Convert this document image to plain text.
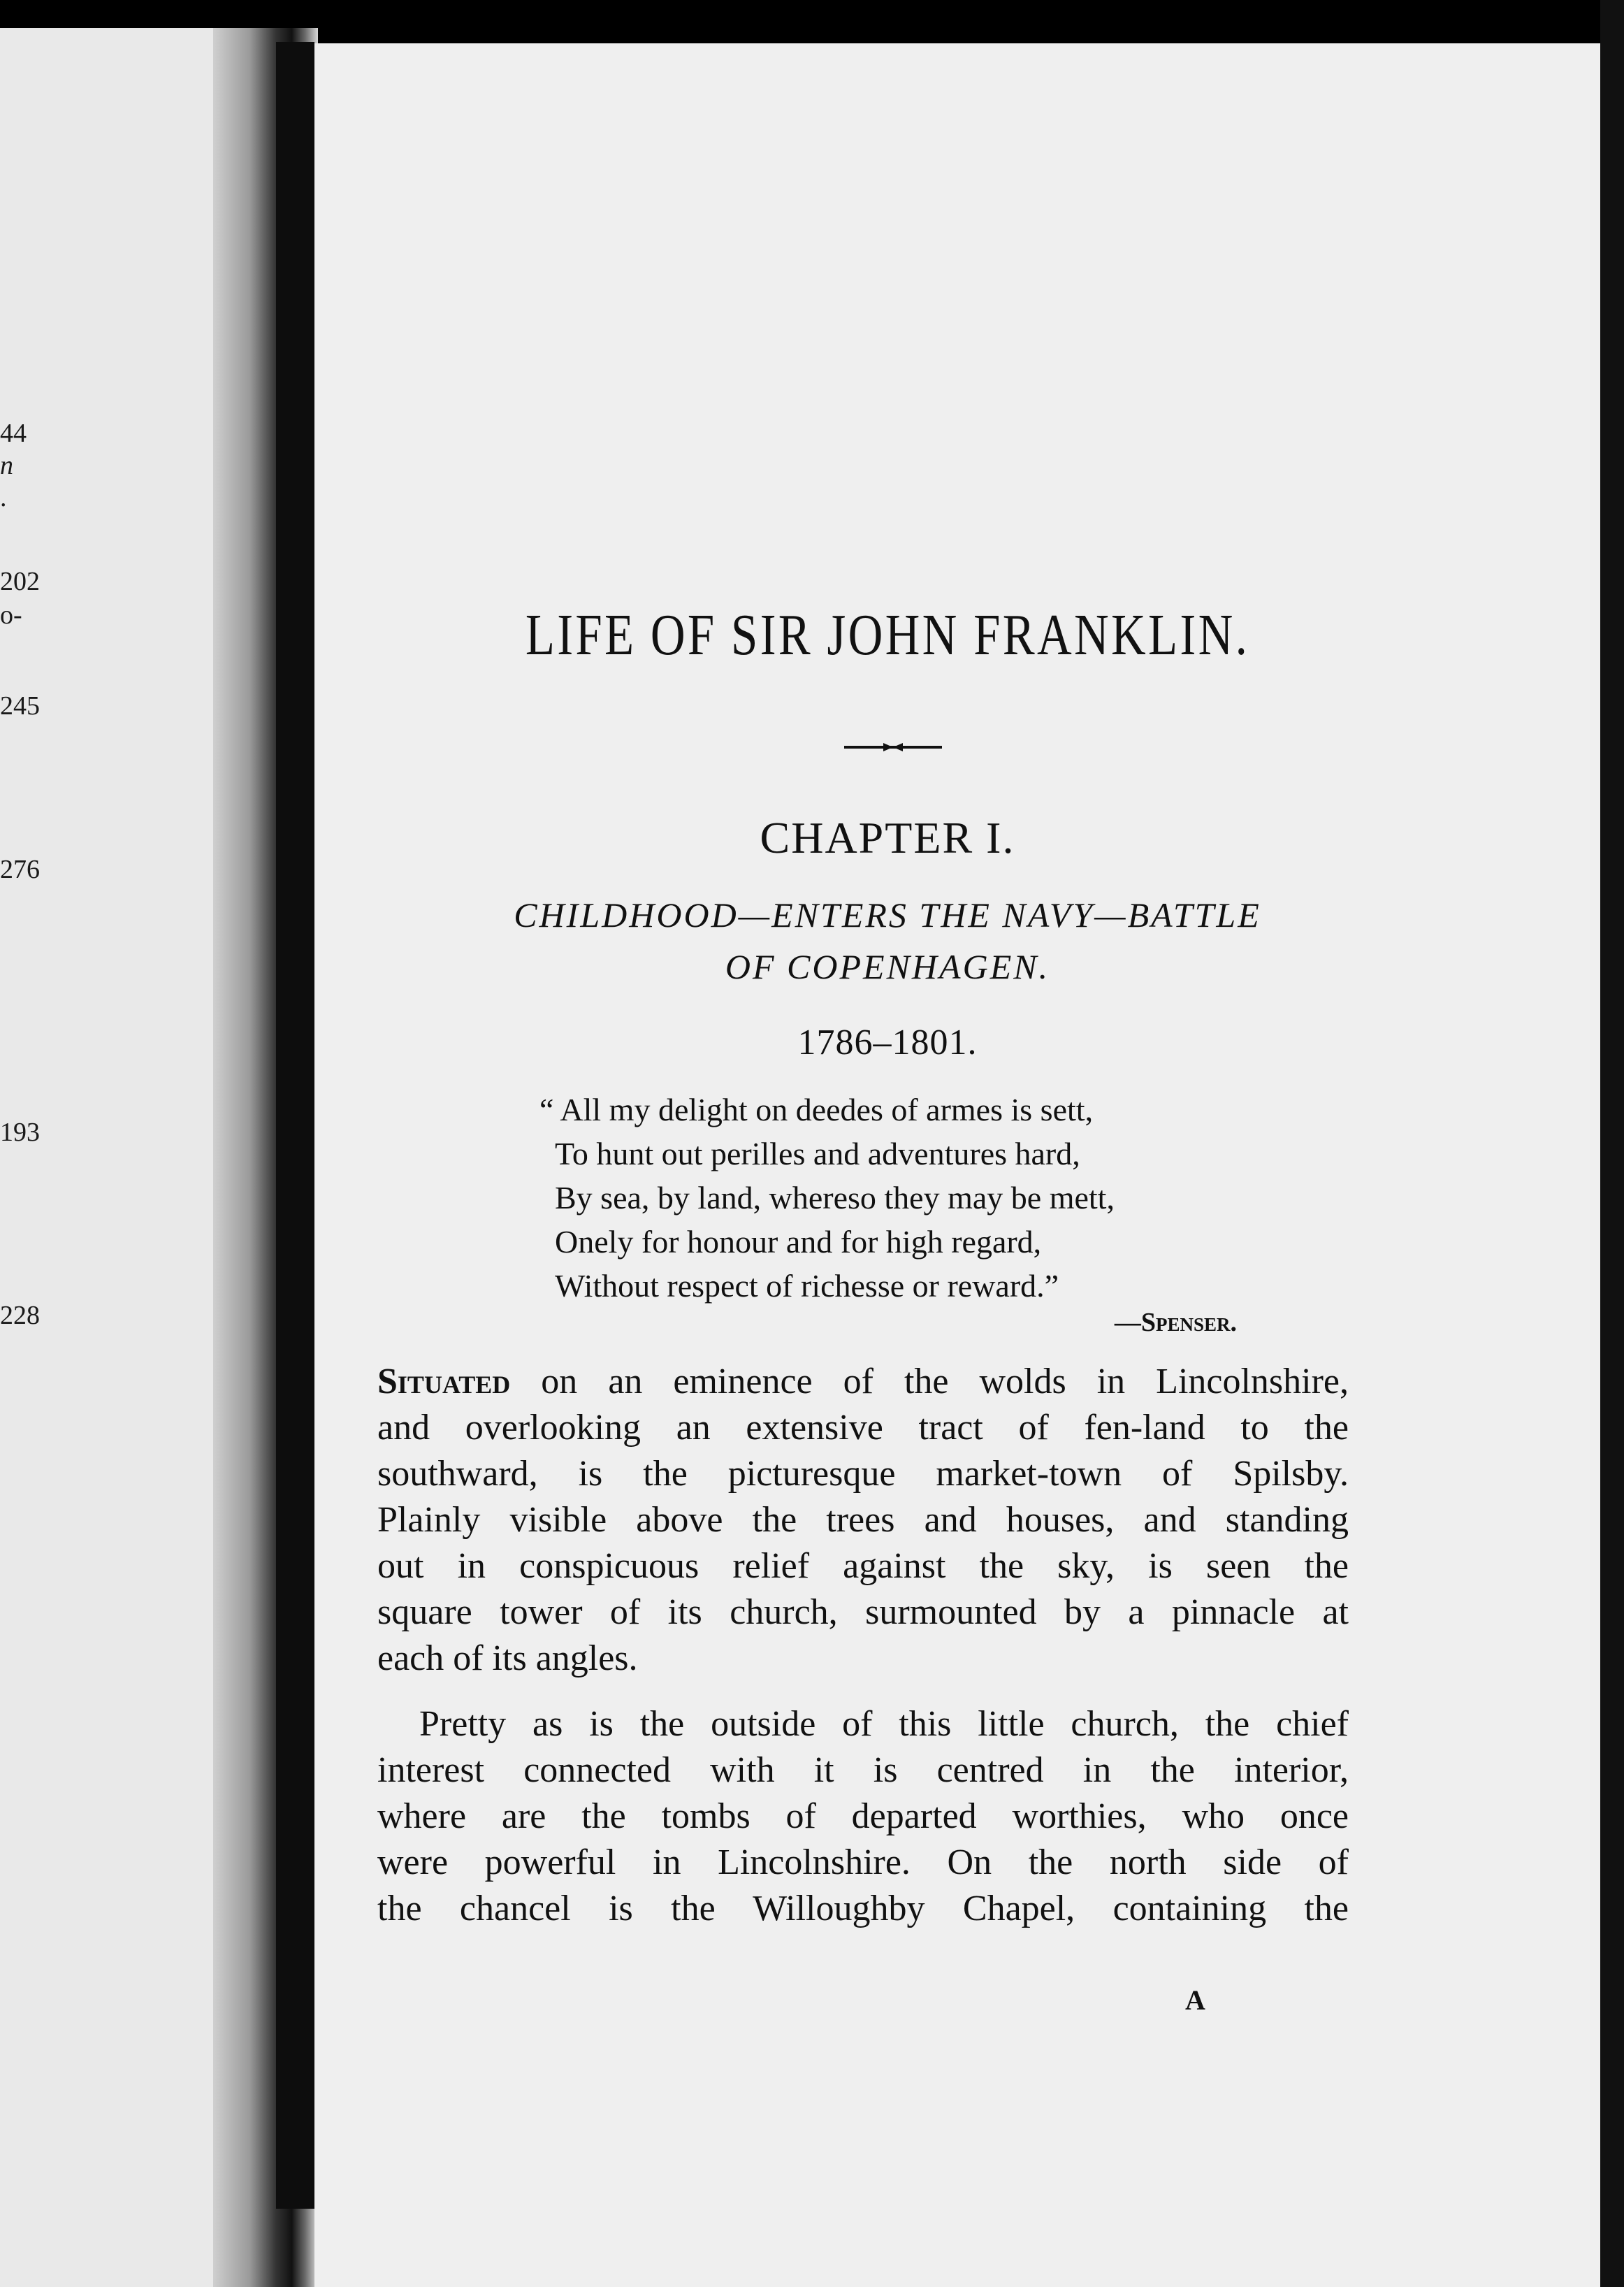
44
n
.
202
o-
245
276
193
228
LIFE OF SIR JOHN FRANKLIN.
CHAPTER I.
CHILDHOOD—ENTERS THE NAVY—BATTLE
OF COPENHAGEN.
1786–1801.
“ All my delight on deedes of armes is sett,
To hunt out perilles and adventures hard,
By sea, by land, whereso they may be mett,
Onely for honour and for high regard,
Without respect of richesse or reward.”
—Spenser.
Situated on an eminence of the wolds in Lincolnshire,
and overlooking an extensive tract of fen-land to the
southward, is the picturesque market-town of Spilsby.
Plainly visible above the trees and houses, and standing
out in conspicuous relief against the sky, is seen the
square tower of its church, surmounted by a pinnacle at
each of its angles.
Pretty as is the outside of this little church, the chief
interest connected with it is centred in the interior,
where are the tombs of departed worthies, who once
were powerful in Lincolnshire. On the north side of
the chancel is the Willoughby Chapel, containing the
A
